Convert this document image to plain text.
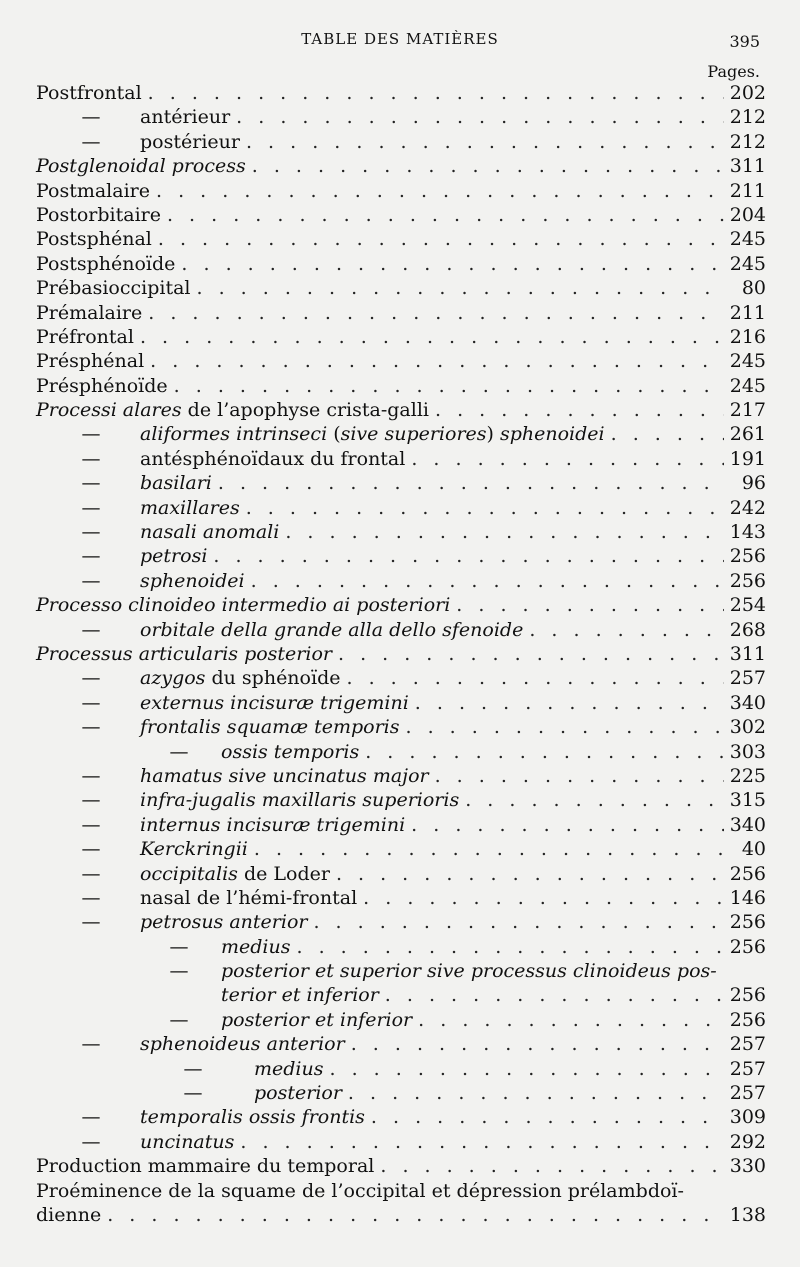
TABLE DES MATIÈRES	395
Pages.
Postfrontal . . .	202
— antérieur . . .	212
— postérieur . . .	212
Postglenoidal process . . .	311
Postmalaire . . .	211
Postorbitaire . . .	204
Postsphénal . . .	245
Postsphénoïde . . .	245
Prébasioccipital . . .	80
Prémalaire . . .	211
Préfrontal . . .	216
Présphénal . . .	245
Présphénoïde . . .	245
Processi alares de l’apophyse crista-galli . . .	217
— aliformes intrinseci (sive superiores) sphenoidei . . .	261
— antésphénoïdaux du frontal . . .	191
— basilari . . .	96
— maxillares . . .	242
— nasali anomali . . .	143
— petrosi . . .	256
— sphenoidei . . .	256
Processo clinoideo intermedio ai posteriori . . .	254
— orbitale della grande alla dello sfenoide . . .	268
Processus articularis posterior . . .	311
— azygos du sphénoïde . . .	257
— externus incisuræ trigemini . . .	340
— frontalis squamæ temporis . . .	302
— ossis temporis . . .	303
— hamatus sive uncinatus major . . .	225
— infra-jugalis maxillaris superioris . . .	315
— internus incisuræ trigemini . . .	340
— Kerckringii . . .	40
— occipitalis de Loder . . .	256
— nasal de l’hémi-frontal . . .	146
— petrosus anterior . . .	256
— medius . . .	256
— posterior et superior sive processus clinoideus pos-
terior et inferior . . .	256
— posterior et inferior . . .	256
— sphenoideus anterior . . .	257
—	medius . . .	257
—	posterior . . .	257
— temporalis ossis frontis . . .	309
— uncinatus . . .	292
Production mammaire du temporal . . .	330
Proéminence de la squame de l’occipital et dépression prélambdoï-
dienne . . .	138
